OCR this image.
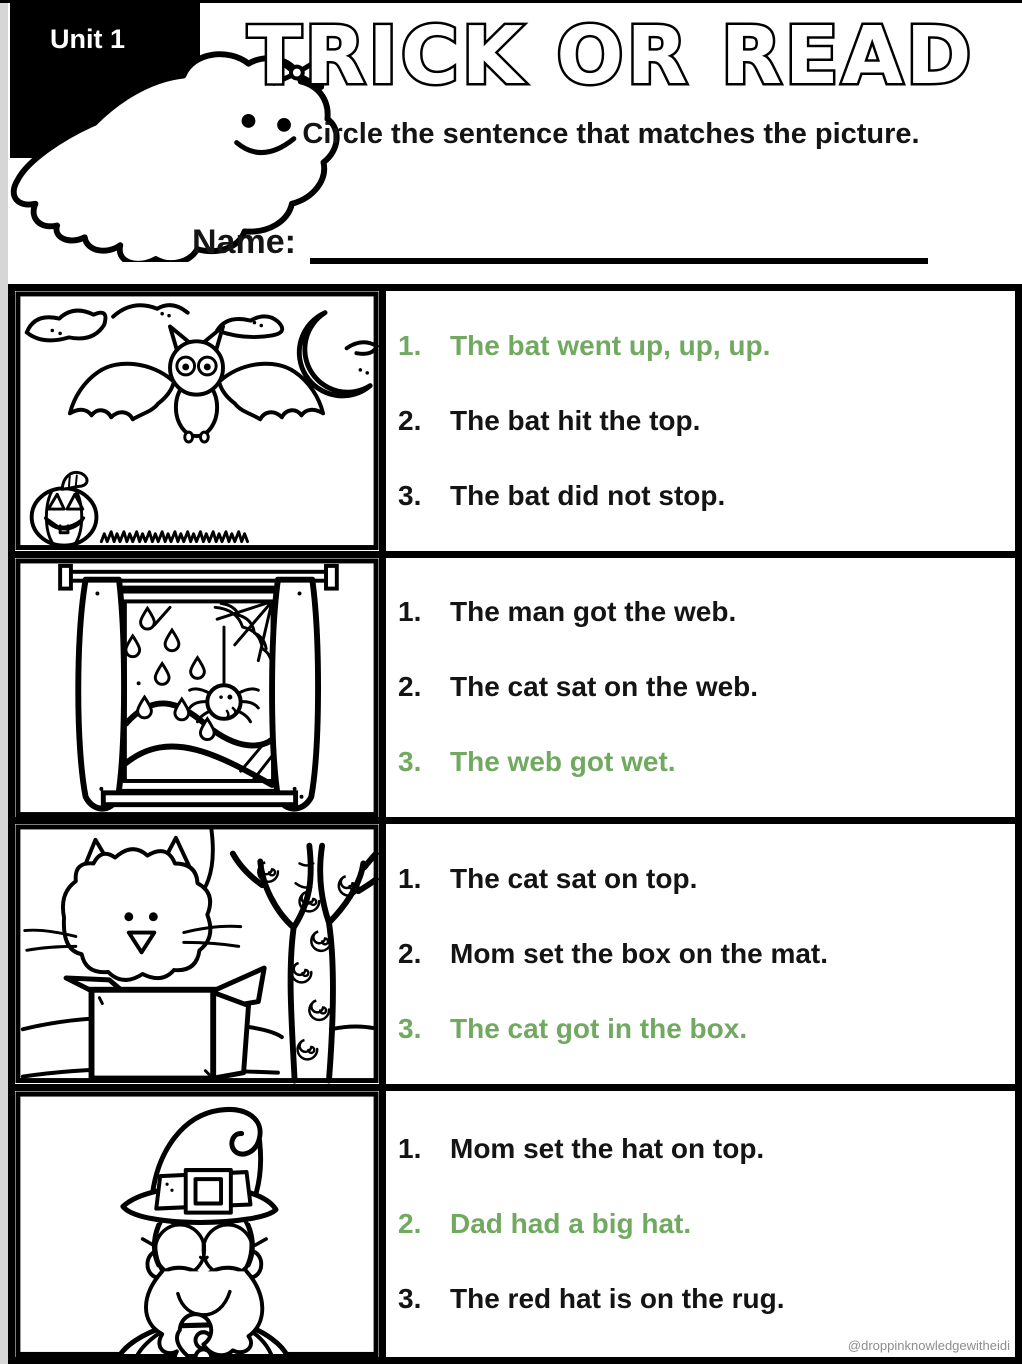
Unit 1	TRICK OR READ
Circle the sentence that matches the picture.
Name:
1.	The bat went up, up, up.
2.	The bat hit the top.
3.	The bat did not stop.
1.	The man got the web.
2.	The cat sat on the web.
3.	The web got wet.
1.	The cat sat on top.
2.	Mom set the box on the mat.
3.	The cat got in the box.
1.	Mom set the hat on top.
2.	Dad had a big hat.
3.	The red hat is on the rug.
@droppinknowledgewitheidi
